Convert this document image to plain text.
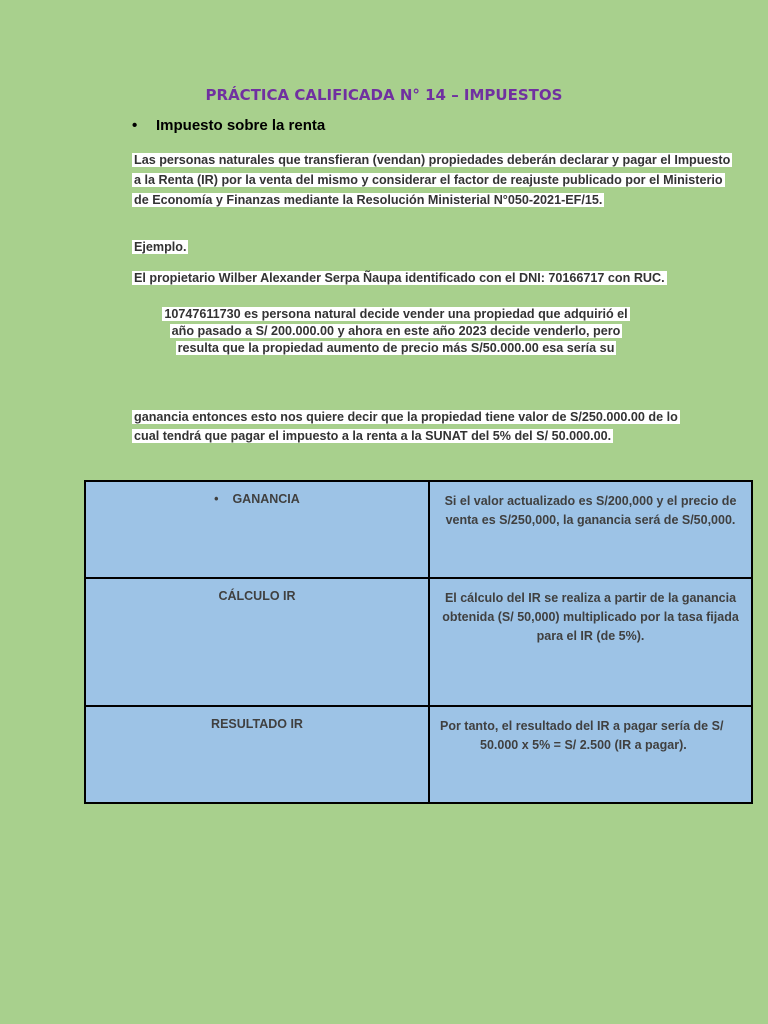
PRÁCTICA CALIFICADA N° 14 – IMPUESTOS
• Impuesto sobre la renta
Las personas naturales que transfieran (vendan) propiedades deberán declarar y pagar el Impuesto a la Renta (IR) por la venta del mismo y considerar el factor de reajuste publicado por el Ministerio de Economía y Finanzas mediante la Resolución Ministerial N°050-2021-EF/15.
Ejemplo.
El propietario Wilber Alexander Serpa Ñaupa identificado con el DNI: 70166717 con RUC.
10747611730 es persona natural decide vender una propiedad que adquirió el
año pasado a S/ 200.000.00 y ahora en este año 2023 decide venderlo, pero
resulta que la propiedad aumento de precio más S/50.000.00 esa sería su
ganancia entonces esto nos quiere decir que la propiedad tiene valor de S/250.000.00 de lo cual tendrá que pagar el impuesto a la renta a la SUNAT del 5% del S/ 50.000.00.
•    GANANCIA	Si el valor actualizado es S/200,000 y el precio de venta es S/250,000, la ganancia será de S/50,000.
CÁLCULO IR	El cálculo del IR se realiza a partir de la ganancia obtenida (S/ 50,000) multiplicado por la tasa fijada para el IR (de 5%).
RESULTADO IR	Por tanto, el resultado del IR a pagar sería de S/
50.000 x 5% = S/ 2.500 (IR a pagar).
